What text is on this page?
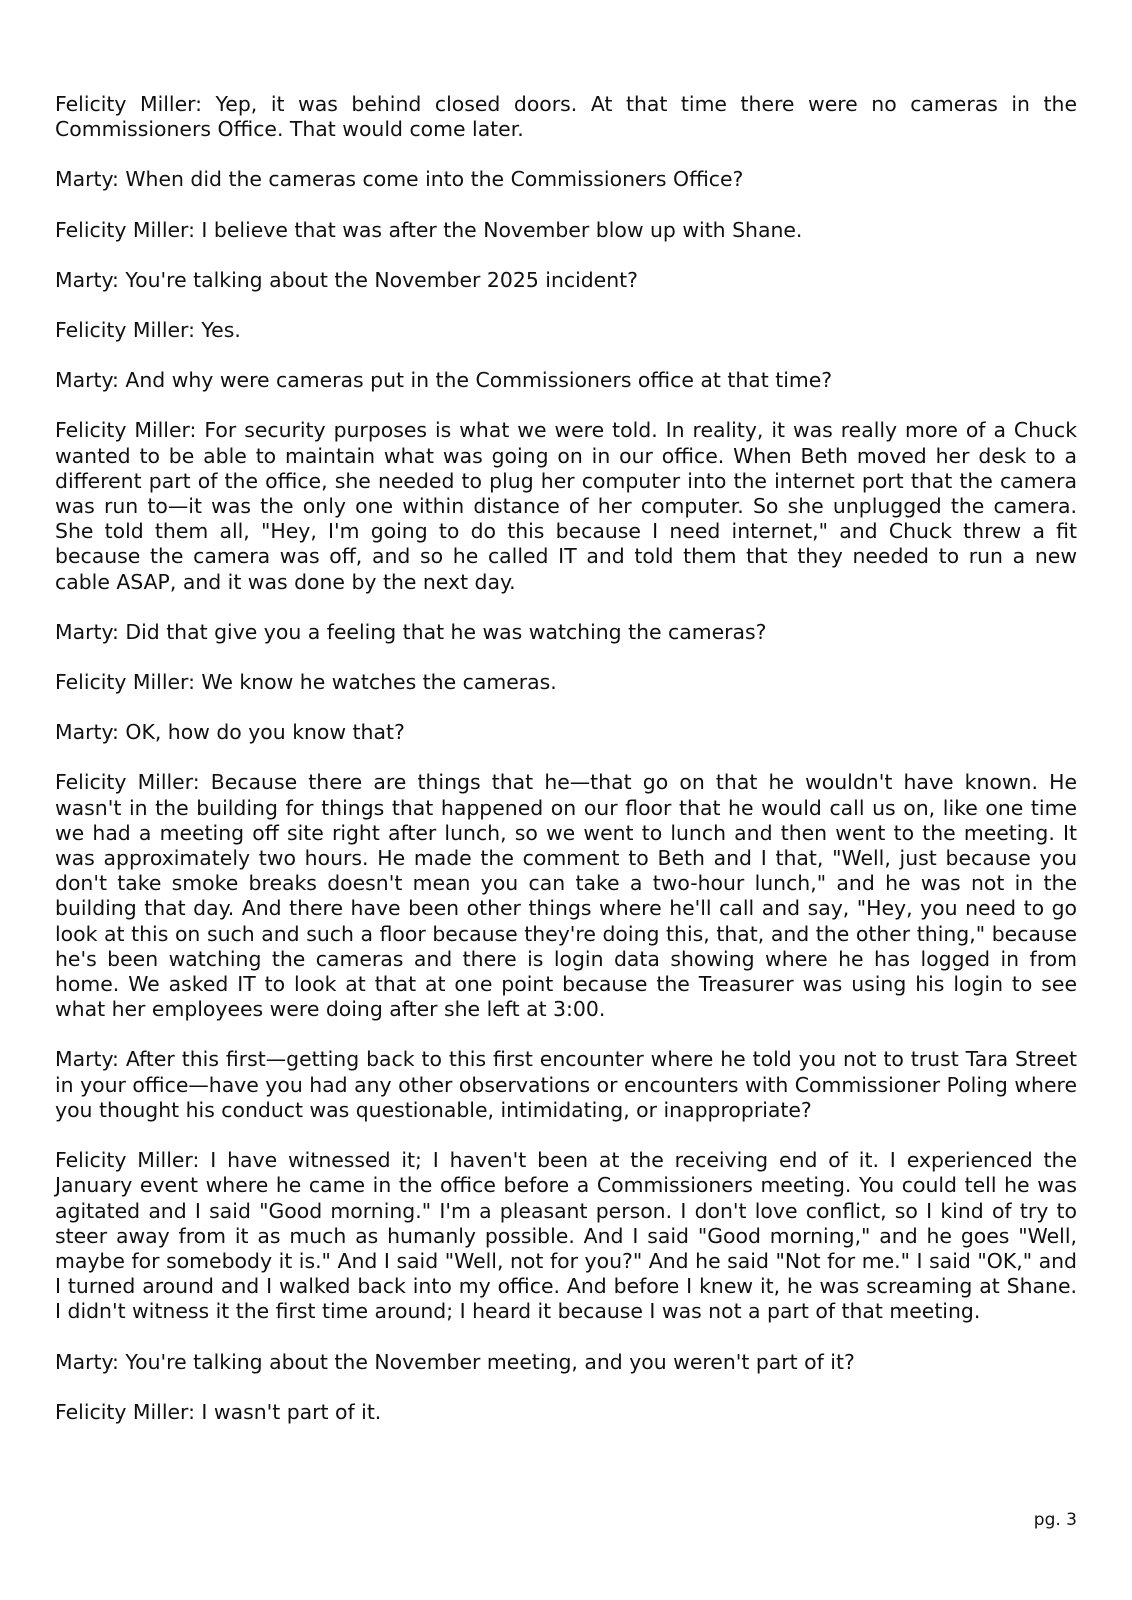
Felicity Miller: Yep, it was behind closed doors. At that time there were no cameras in the Commissioners Office. That would come later.

Marty: When did the cameras come into the Commissioners Office?

Felicity Miller: I believe that was after the November blow up with Shane.

Marty: You're talking about the November 2025 incident?

Felicity Miller: Yes.

Marty: And why were cameras put in the Commissioners office at that time?

Felicity Miller: For security purposes is what we were told. In reality, it was really more of a Chuck wanted to be able to maintain what was going on in our office. When Beth moved her desk to a different part of the office, she needed to plug her computer into the internet port that the camera was run to—it was the only one within distance of her computer. So she unplugged the camera. She told them all, "Hey, I'm going to do this because I need internet," and Chuck threw a fit because the camera was off, and so he called IT and told them that they needed to run a new cable ASAP, and it was done by the next day.

Marty: Did that give you a feeling that he was watching the cameras?

Felicity Miller: We know he watches the cameras.

Marty: OK, how do you know that?

Felicity Miller: Because there are things that he—that go on that he wouldn't have known. He wasn't in the building for things that happened on our floor that he would call us on, like one time we had a meeting off site right after lunch, so we went to lunch and then went to the meeting. It was approximately two hours. He made the comment to Beth and I that, "Well, just because you don't take smoke breaks doesn't mean you can take a two-hour lunch," and he was not in the building that day. And there have been other things where he'll call and say, "Hey, you need to go look at this on such and such a floor because they're doing this, that, and the other thing," because he's been watching the cameras and there is login data showing where he has logged in from home. We asked IT to look at that at one point because the Treasurer was using his login to see what her employees were doing after she left at 3:00.

Marty: After this first—getting back to this first encounter where he told you not to trust Tara Street in your office—have you had any other observations or encounters with Commissioner Poling where you thought his conduct was questionable, intimidating, or inappropriate?

Felicity Miller: I have witnessed it; I haven't been at the receiving end of it. I experienced the January event where he came in the office before a Commissioners meeting. You could tell he was agitated and I said "Good morning." I'm a pleasant person. I don't love conflict, so I kind of try to steer away from it as much as humanly possible. And I said "Good morning," and he goes "Well, maybe for somebody it is." And I said "Well, not for you?" And he said "Not for me." I said "OK," and I turned around and I walked back into my office. And before I knew it, he was screaming at Shane. I didn't witness it the first time around; I heard it because I was not a part of that meeting.

Marty: You're talking about the November meeting, and you weren't part of it?

Felicity Miller: I wasn't part of it.

pg. 3
